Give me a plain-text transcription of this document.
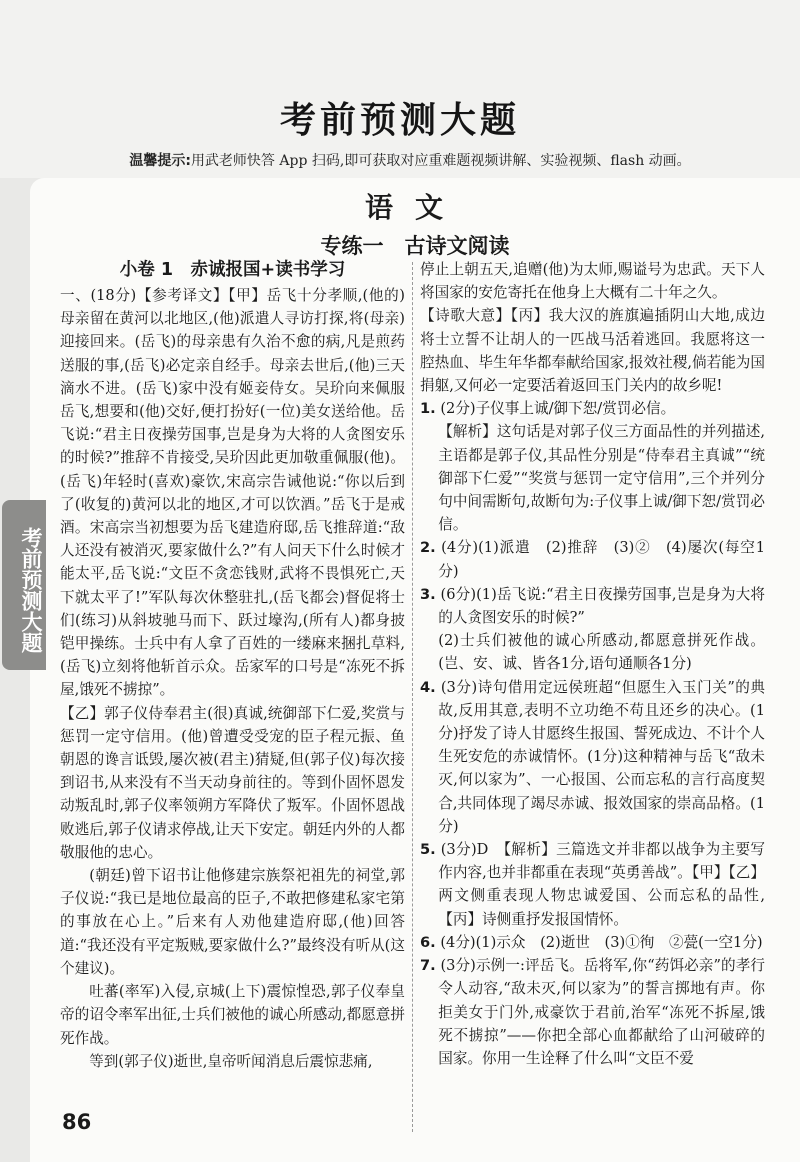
考前预测大题
温馨提示:用武老师快答 App 扫码,即可获取对应重难题视频讲解、实验视频、flash 动画。
语文
专练一　古诗文阅读
考前预测大题

小卷 1　赤诚报国+读书学习

一、(18分)【参考译文】【甲】岳飞十分孝顺,(他的)母亲留在黄河以北地区,(他)派遣人寻访打探,将(母亲)迎接回来。(岳飞)的母亲患有久治不愈的病,凡是煎药送服的事,(岳飞)必定亲自经手。母亲去世后,(他)三天滴水不进。(岳飞)家中没有姬妾侍女。吴玠向来佩服岳飞,想要和(他)交好,便打扮好(一位)美女送给他。岳飞说:“君主日夜操劳国事,岂是身为大将的人贪图安乐的时候?”推辞不肯接受,吴玠因此更加敬重佩服(他)。(岳飞)年轻时(喜欢)豪饮,宋高宗告诫他说:“你以后到了(收复的)黄河以北的地区,才可以饮酒。”岳飞于是戒酒。宋高宗当初想要为岳飞建造府邸,岳飞推辞道:“敌人还没有被消灭,要家做什么?”有人问天下什么时候才能太平,岳飞说:“文臣不贪恋钱财,武将不畏惧死亡,天下就太平了!”军队每次休整驻扎,(岳飞都会)督促将士们(练习)从斜坡驰马而下、跃过壕沟,(所有人)都身披铠甲操练。士兵中有人拿了百姓的一缕麻来捆扎草料,(岳飞)立刻将他斩首示众。岳家军的口号是“冻死不拆屋,饿死不掳掠”。

【乙】郭子仪侍奉君主(很)真诚,统御部下仁爱,奖赏与惩罚一定守信用。(他)曾遭受受宠的臣子程元振、鱼朝恩的谗言诋毁,屡次被(君主)猜疑,但(郭子仪)每次接到诏书,从来没有不当天动身前往的。等到仆固怀恩发动叛乱时,郭子仪率领朔方军降伏了叛军。仆固怀恩战败逃后,郭子仪请求停战,让天下安定。朝廷内外的人都敬服他的忠心。

(朝廷)曾下诏书让他修建宗族祭祀祖先的祠堂,郭子仪说:“我已是地位最高的臣子,不敢把修建私家宅第的事放在心上。”后来有人劝他建造府邸,(他)回答道:“我还没有平定叛贼,要家做什么?”最终没有听从(这个建议)。

吐蕃(率军)入侵,京城(上下)震惊惶恐,郭子仪奉皇帝的诏令率军出征,士兵们被他的诚心所感动,都愿意拼死作战。

等到(郭子仪)逝世,皇帝听闻消息后震惊悲痛,

停止上朝五天,追赠(他)为太师,赐谥号为忠武。天下人将国家的安危寄托在他身上大概有二十年之久。

【诗歌大意】【丙】我大汉的旌旗遍插阴山大地,成边将士立誓不让胡人的一匹战马活着逃回。我愿将这一腔热血、毕生年华都奉献给国家,报效社稷,倘若能为国捐躯,又何必一定要活着返回玉门关内的故乡呢!

1. (2分)子仪事上诚/御下恕/赏罚必信。

【解析】这句话是对郭子仪三方面品性的并列描述,主语都是郭子仪,其品性分别是“侍奉君主真诚”“统御部下仁爱”“奖赏与惩罚一定守信用”,三个并列分句中间需断句,故断句为:子仪事上诚/御下恕/赏罚必信。

2. (4分)(1)派遣　(2)推辞　(3)②　(4)屡次(每空1分)

3. (6分)(1)岳飞说:“君主日夜操劳国事,岂是身为大将的人贪图安乐的时候?”

(2)士兵们被他的诚心所感动,都愿意拼死作战。(岂、安、诚、皆各1分,语句通顺各1分)

4. (3分)诗句借用定远侯班超“但愿生入玉门关”的典故,反用其意,表明不立功绝不苟且还乡的决心。(1分)抒发了诗人甘愿终生报国、誓死成边、不计个人生死安危的赤诚情怀。(1分)这种精神与岳飞“敌未灭,何以家为”、一心报国、公而忘私的言行高度契合,共同体现了竭尽赤诚、报效国家的崇高品格。(1分)

5. (3分)D　【解析】三篇选文并非都以战争为主要写作内容,也并非都重在表现“英勇善战”。【甲】【乙】两文侧重表现人物忠诚爱国、公而忘私的品性,【丙】诗侧重抒发报国情怀。

6. (4分)(1)示众　(2)逝世　(3)①徇　②甍(一空1分)

7. (3分)示例一:评岳飞。岳将军,你“药饵必亲”的孝行令人动容,“敌未灭,何以家为”的誓言掷地有声。你拒美女于门外,戒豪饮于君前,治军“冻死不拆屋,饿死不掳掠”——你把全部心血都献给了山河破碎的国家。你用一生诠释了什么叫“文臣不爱

86
